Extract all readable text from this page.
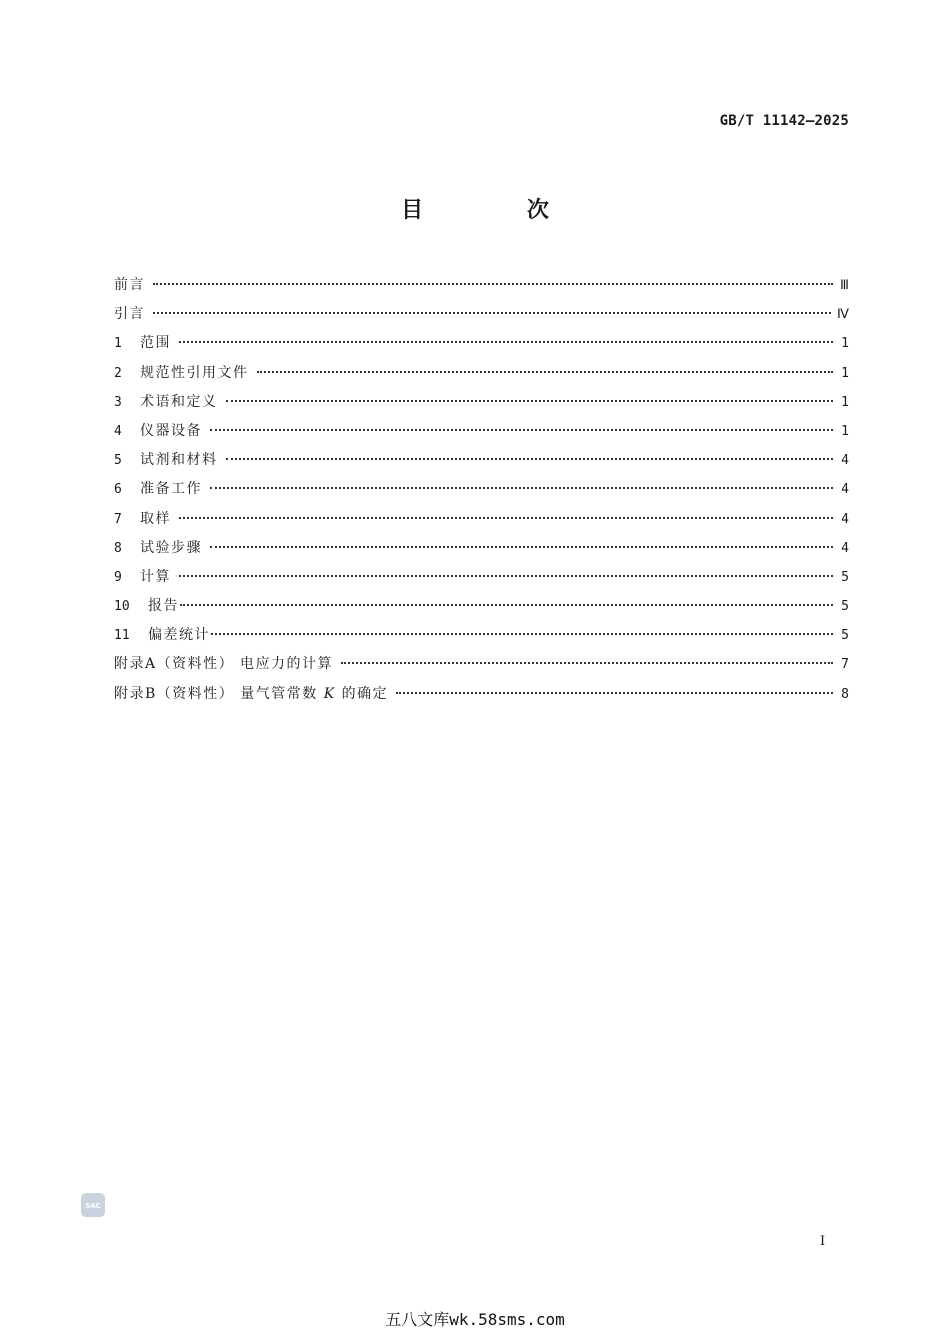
GB/T 11142—2025
目 次
前言	Ⅲ
引言	Ⅳ
1	范围	1
2	规范性引用文件	1
3	术语和定义	1
4	仪器设备	1
5	试剂和材料	4
6	准备工作	4
7	取样	4
8	试验步骤	4
9	计算	5
10	报告	5
11	偏差统计	5
附录A（资料性） 电应力的计算	7
附录B（资料性） 量气管常数 K 的确定	8
SAC
I
五八文库wk.58sms.com
